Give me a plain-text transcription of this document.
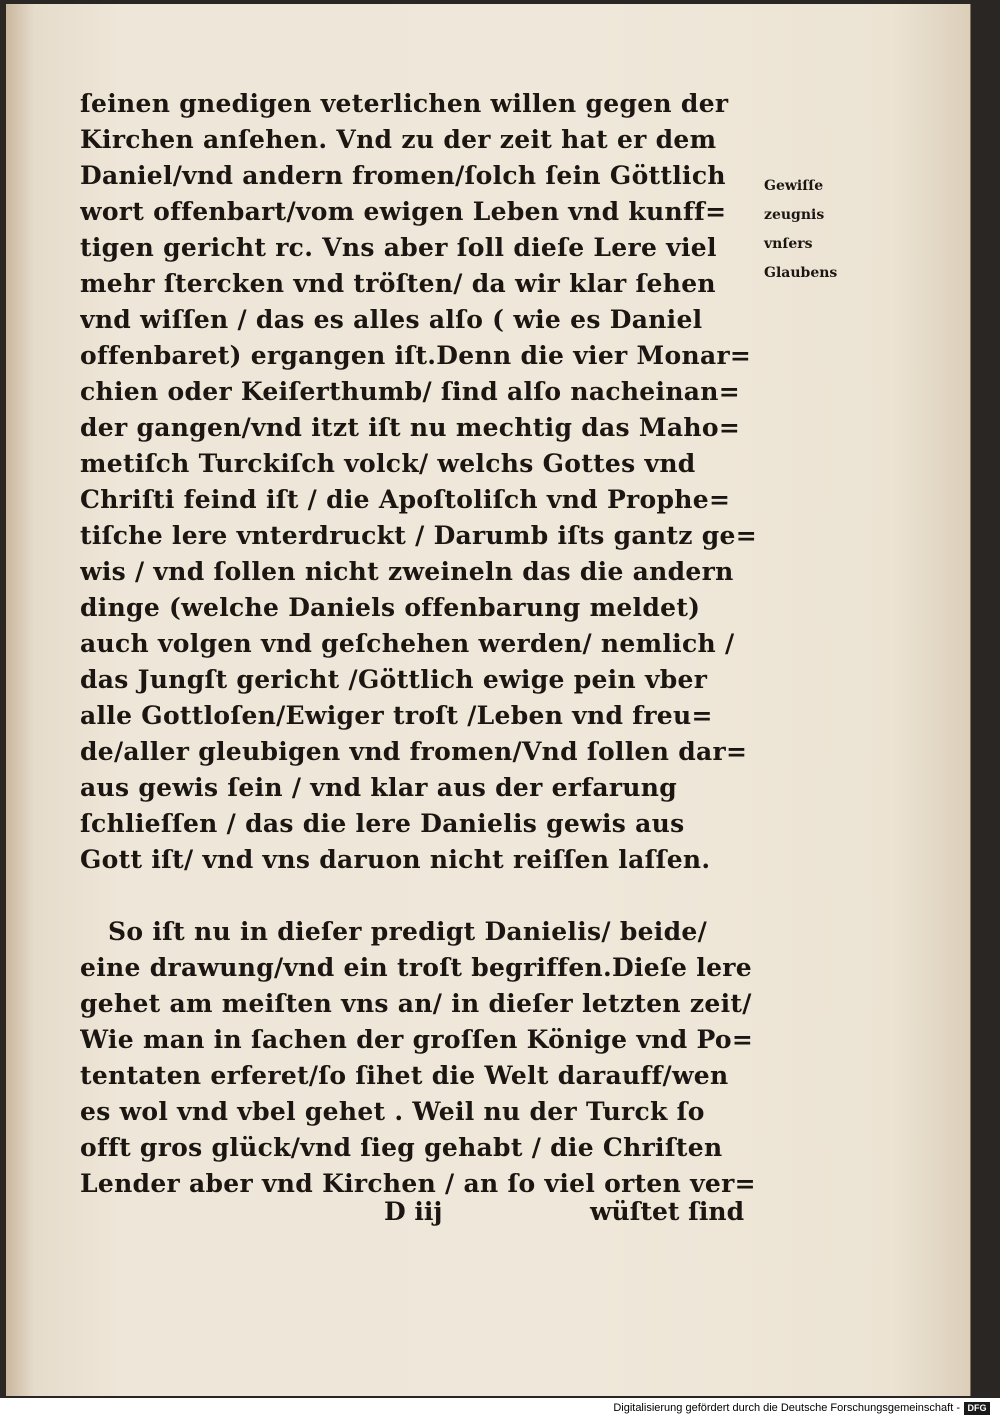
ſeinen gnedigen veterlichen willen gegen der
Kirchen anſehen. Vnd zu der zeit hat er dem
Daniel/vnd andern fromen/ſolch ſein Göttlich
wort offenbart/vom ewigen Leben vnd kunff=
tigen gericht rc. Vns aber ſoll dieſe Lere viel
mehr ſtercken vnd tröſten/ da wir klar ſehen
vnd wiſſen / das es alles alſo ( wie es Daniel
offenbaret) ergangen iſt.Denn die vier Monar=
chien oder Keiſerthumb/ ſind alſo nacheinan=
der gangen/vnd itzt iſt nu mechtig das Maho=
metiſch Turckiſch volck/ welchs Gottes vnd
Chriſti feind iſt / die Apoſtoliſch vnd Prophe=
tiſche lere vnterdruckt / Darumb iſts gantz ge=
wis / vnd ſollen nicht zweineln das die andern
dinge (welche Daniels offenbarung meldet)
auch volgen vnd geſchehen werden/ nemlich /
das Jungſt gericht /Göttlich ewige pein vber
alle Gottloſen/Ewiger troſt /Leben vnd freu=
de/aller gleubigen vnd fromen/Vnd ſollen dar=
aus gewis ſein / vnd klar aus der erfarung
ſchlieſſen / das die lere Danielis gewis aus
Gott iſt/ vnd vns daruon nicht reiſſen laſſen.
So iſt nu in dieſer predigt Danielis/ beide/
eine drawung/vnd ein troſt begriffen.Dieſe lere
gehet am meiſten vns an/ in dieſer letzten zeit/
Wie man in ſachen der groſſen Könige vnd Po=
tentaten erferet/ſo ſihet die Welt darauff/wen
es wol vnd vbel gehet . Weil nu der Turck ſo
offt gros glück/vnd ſieg gehabt / die Chriſten
Lender aber vnd Kirchen / an ſo viel orten ver=
Gewiſſe
zeugnis
vnſers
Glaubens
D iij	wüſtet ſind
Digitalisierung gefördert durch die Deutsche Forschungsgemeinschaft - DFG
